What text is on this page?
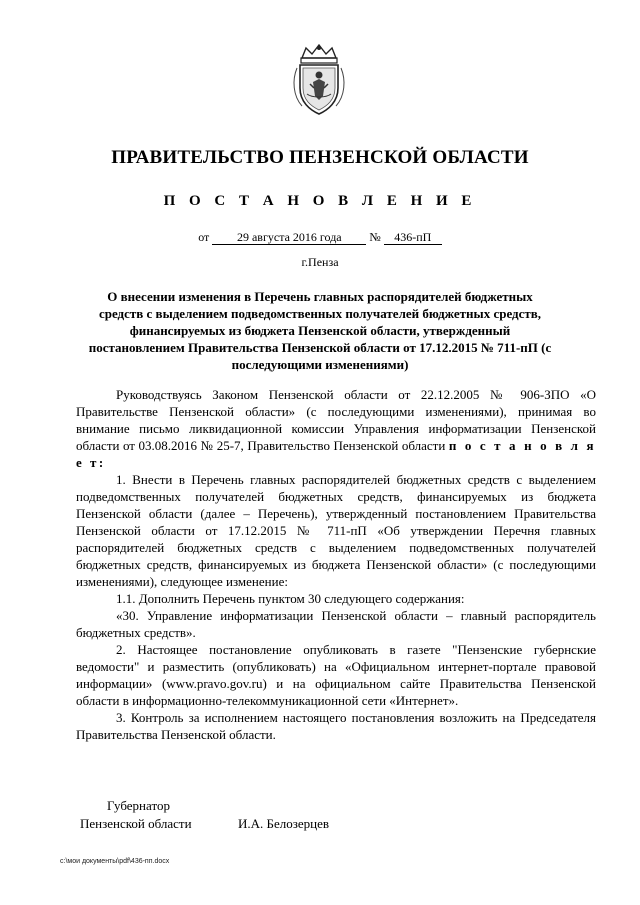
ПРАВИТЕЛЬСТВО ПЕНЗЕНСКОЙ ОБЛАСТИ
П О С Т А Н О В Л Е Н И Е
от 29 августа 2016 года № 436-пП
г.Пенза
О внесении изменения в Перечень главных распорядителей бюджетных средств с выделением подведомственных получателей бюджетных средств, финансируемых из бюджета Пензенской области, утвержденный постановлением Правительства Пензенской области от 17.12.2015 № 711-пП (с последующими изменениями)

Руководствуясь Законом Пензенской области от 22.12.2005 № 906-ЗПО «О Правительстве Пензенской области» (с последующими изменениями), принимая во внимание письмо ликвидационной комиссии Управления информатизации Пензенской области от 03.08.2016 № 25-7, Правительство Пензенской области п о с т а н о в л я е т:

1. Внести в Перечень главных распорядителей бюджетных средств с выделением подведомственных получателей бюджетных средств, финансируемых из бюджета Пензенской области (далее – Перечень), утвержденный постановлением Правительства Пензенской области от 17.12.2015 № 711-пП «Об утверждении Перечня главных распорядителей бюджетных средств с выделением подведомственных получателей бюджетных средств, финансируемых из бюджета Пензенской области» (с последующими изменениями), следующее изменение:

1.1. Дополнить Перечень пунктом 30 следующего содержания:

«30. Управление информатизации Пензенской области – главный распорядитель бюджетных средств».

2. Настоящее постановление опубликовать в газете "Пензенские губернские ведомости" и разместить (опубликовать) на «Официальном интернет-портале правовой информации» (www.pravo.gov.ru) и на официальном сайте Правительства Пензенской области в информационно-телекоммуникационной сети «Интернет».

3. Контроль за исполнением настоящего постановления возложить на Председателя Правительства Пензенской области.

Губернатор
Пензенской области	И.А. Белозерцев
c:\мои документы\pdf\436-пп.docx
